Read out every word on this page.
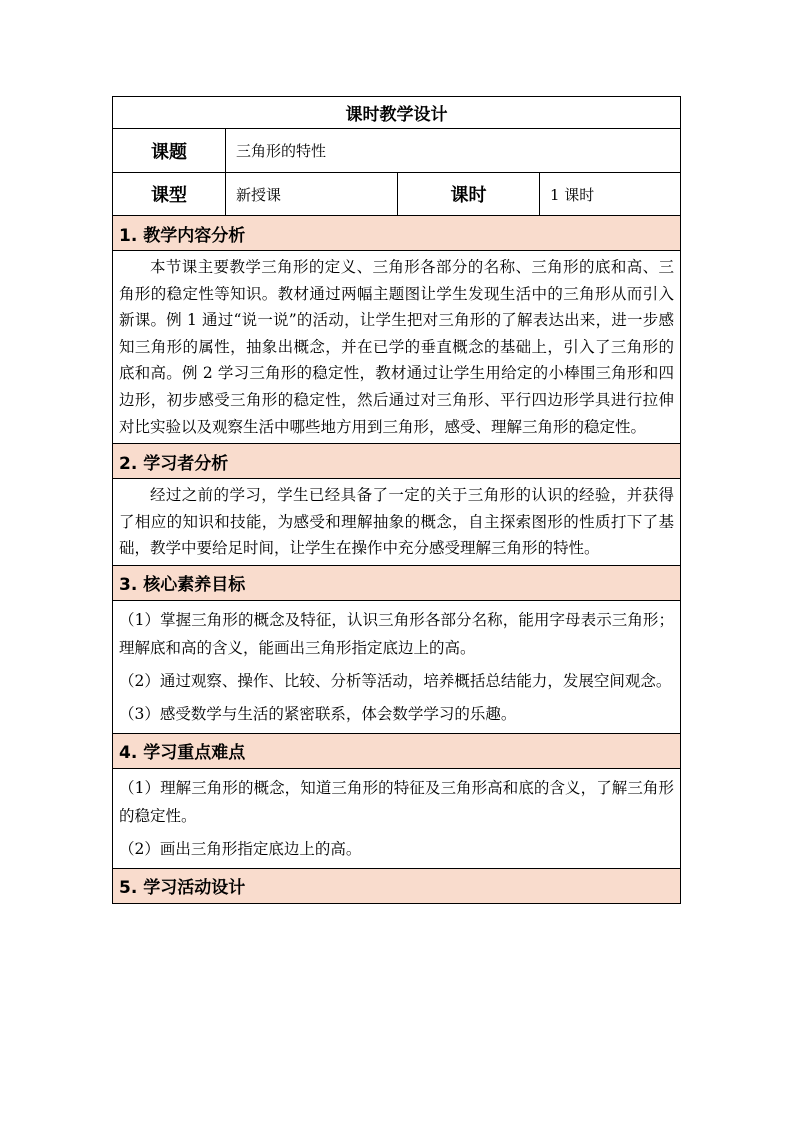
课时教学设计			
课题	三角形的特性		
课型	新授课	课时	1 课时
1. 教学内容分析			

本节课主要教学三角形的定义、三角形各部分的名称、三角形的底和高、三角形的稳定性等知识。教材通过两幅主题图让学生发现生活中的三角形从而引入新课。例 1 通过“说一说”的活动，让学生把对三角形的了解表达出来，进一步感知三角形的属性，抽象出概念，并在已学的垂直概念的基础上，引入了三角形的底和高。例 2 学习三角形的稳定性，教材通过让学生用给定的小棒围三角形和四边形，初步感受三角形的稳定性，然后通过对三角形、平行四边形学具进行拉伸对比实验以及观察生活中哪些地方用到三角形，感受、理解三角形的稳定性。			

2. 学习者分析			

经过之前的学习，学生已经具备了一定的关于三角形的认识的经验，并获得了相应的知识和技能，为感受和理解抽象的概念，自主探索图形的性质打下了基础，教学中要给足时间，让学生在操作中充分感受理解三角形的特性。			

3. 核心素养目标			

（1）掌握三角形的概念及特征，认识三角形各部分名称，能用字母表示三角形；理解底和高的含义，能画出三角形指定底边上的高。

（2）通过观察、操作、比较、分析等活动，培养概括总结能力，发展空间观念。

（3）感受数学与生活的紧密联系，体会数学学习的乐趣。			

4. 学习重点难点			

（1）理解三角形的概念，知道三角形的特征及三角形高和底的含义，了解三角形的稳定性。

（2）画出三角形指定底边上的高。			

5. 学习活动设计			
